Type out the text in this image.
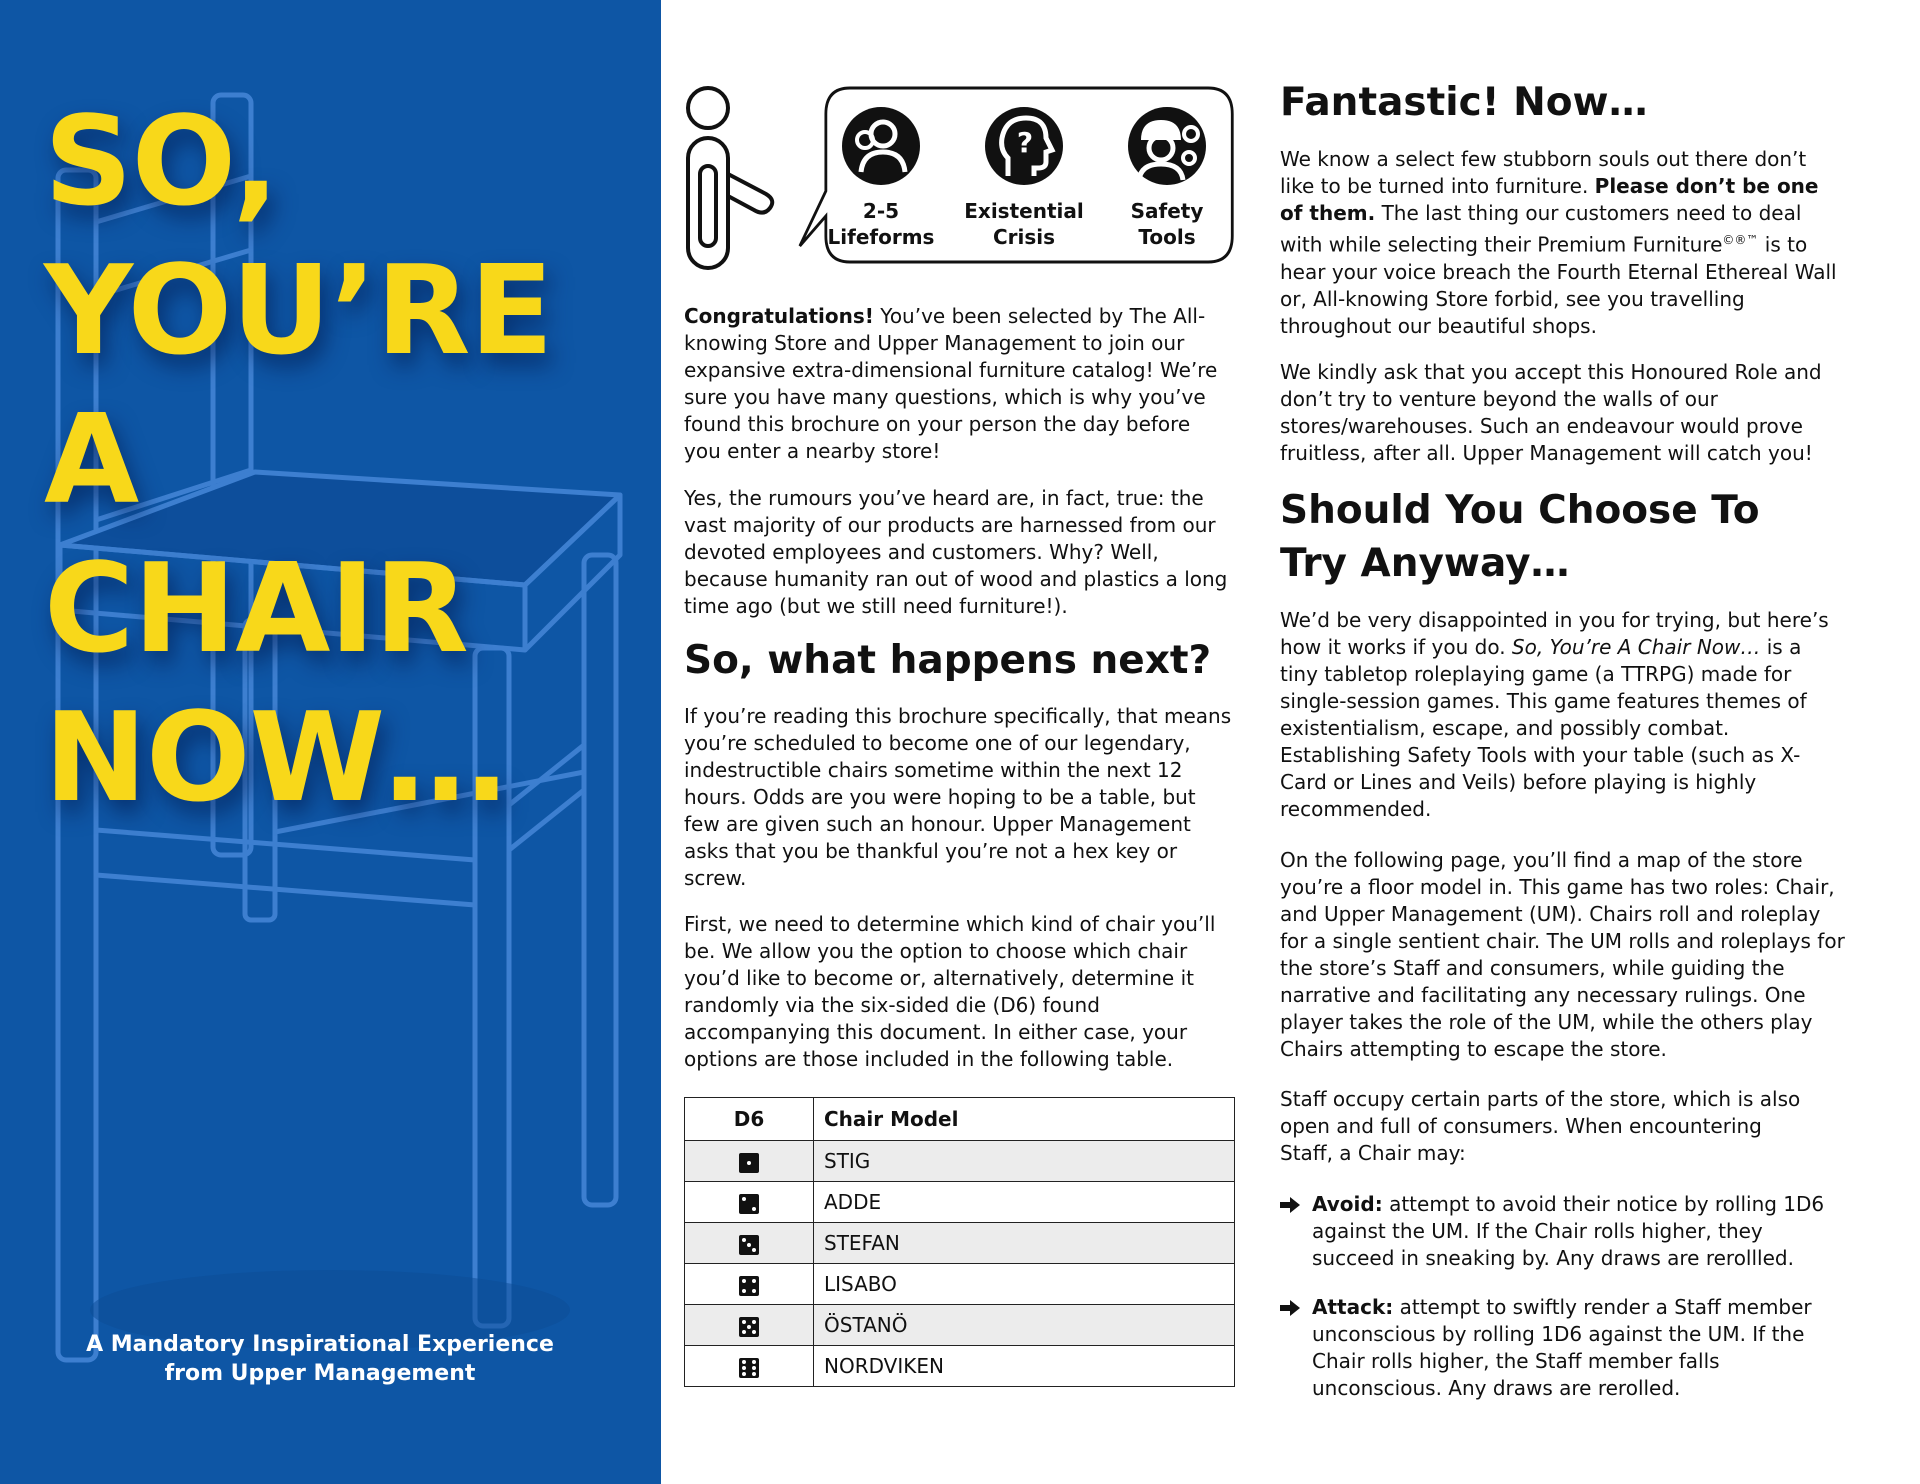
SO,
YOU’RE
A
CHAIR
NOW…
A Mandatory Inspirational Experience
from Upper Management
2-5
Lifeforms
?
Existential
Crisis
Safety
Tools

Congratulations! You’ve been selected by The All-knowing Store and Upper Management to join our expansive extra-dimensional furniture catalog! We’re sure you have many questions, which is why you’ve found this brochure on your person the day before you enter a nearby store!

Yes, the rumours you’ve heard are, in fact, true: the vast majority of our products are harnessed from our devoted employees and customers. Why? Well, because humanity ran out of wood and plastics a long time ago (but we still need furniture!).

So, what happens next?

If you’re reading this brochure specifically, that means you’re scheduled to become one of our legendary, indestructible chairs sometime within the next 12 hours. Odds are you were hoping to be a table, but few are given such an honour. Upper Management asks that you be thankful you’re not a hex key or screw.

First, we need to determine which kind of chair you’ll be. We allow you the option to choose which chair you’d like to become or, alternatively, determine it randomly via the six-sided die (D6) found accompanying this document. In either case, your options are those included in the following table.

D6	Chair Model
	STIG
	ADDE
	STEFAN
	LISABO
	ÖSTANÖ
	NORDVIKEN
Fantastic! Now…

We know a select few stubborn souls out there don’t like to be turned into furniture. Please don’t be one of them. The last thing our customers need to deal with while selecting their Premium Furniture©®™ is to hear your voice breach the Fourth Eternal Ethereal Wall or, All-knowing Store forbid, see you travelling throughout our beautiful shops.

We kindly ask that you accept this Honoured Role and don’t try to venture beyond the walls of our stores/warehouses. Such an endeavour would prove fruitless, after all. Upper Management will catch you!

Should You Choose To
Try Anyway…

We’d be very disappointed in you for trying, but here’s how it works if you do. So, You’re A Chair Now… is a tiny tabletop roleplaying game (a TTRPG) made for single-session games. This game features themes of existentialism, escape, and possibly combat. Establishing Safety Tools with your table (such as X-Card or Lines and Veils) before playing is highly recommended.

On the following page, you’ll find a map of the store you’re a floor model in. This game has two roles: Chair, and Upper Management (UM). Chairs roll and roleplay for a single sentient chair. The UM rolls and roleplays for the store’s Staff and consumers, while guiding the narrative and facilitating any necessary rulings. One player takes the role of the UM, while the others play Chairs attempting to escape the store.

Staff occupy certain parts of the store, which is also open and full of consumers. When encountering Staff, a Chair may:

Avoid: attempt to avoid their notice by rolling 1D6 against the UM. If the Chair rolls higher, they succeed in sneaking by. Any draws are rerollled.

Attack: attempt to swiftly render a Staff member unconscious by rolling 1D6 against the UM. If the Chair rolls higher, the Staff member falls unconscious. Any draws are rerolled.
